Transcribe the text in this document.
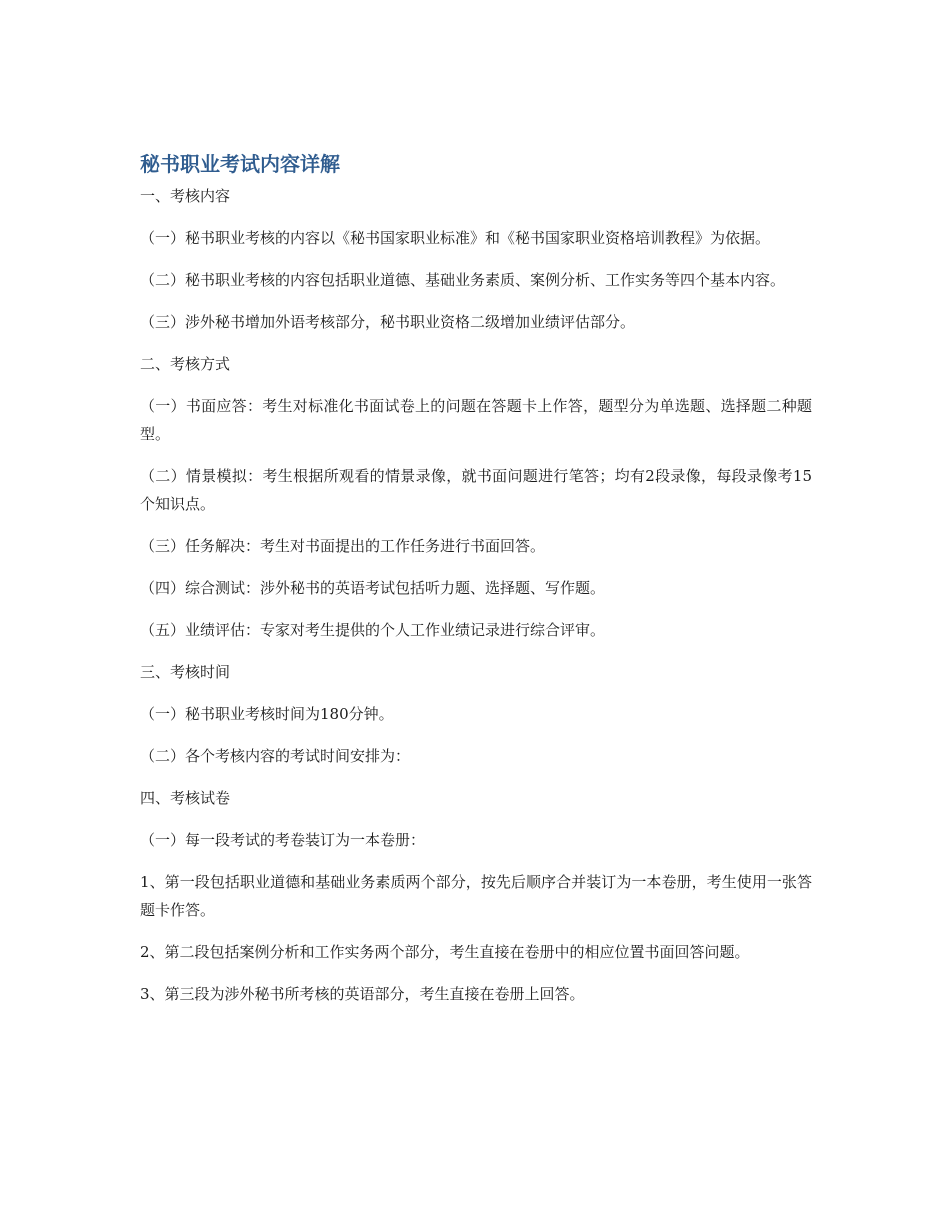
秘书职业考试内容详解

一、考核内容

（一）秘书职业考核的内容以《秘书国家职业标准》和《秘书国家职业资格培训教程》为依据。

（二）秘书职业考核的内容包括职业道德、基础业务素质、案例分析、工作实务等四个基本内容。

（三）涉外秘书增加外语考核部分，秘书职业资格二级增加业绩评估部分。

二、考核方式

（一）书面应答：考生对标准化书面试卷上的问题在答题卡上作答，题型分为单选题、选择题二种题型。

（二）情景模拟：考生根据所观看的情景录像，就书面问题进行笔答；均有2段录像，每段录像考15个知识点。

（三）任务解决：考生对书面提出的工作任务进行书面回答。

（四）综合测试：涉外秘书的英语考试包括听力题、选择题、写作题。

（五）业绩评估：专家对考生提供的个人工作业绩记录进行综合评审。

三、考核时间

（一）秘书职业考核时间为180分钟。

（二）各个考核内容的考试时间安排为：

四、考核试卷

（一）每一段考试的考卷装订为一本卷册：

1、第一段包括职业道德和基础业务素质两个部分，按先后顺序合并装订为一本卷册，考生使用一张答题卡作答。

2、第二段包括案例分析和工作实务两个部分，考生直接在卷册中的相应位置书面回答问题。

3、第三段为涉外秘书所考核的英语部分，考生直接在卷册上回答。
